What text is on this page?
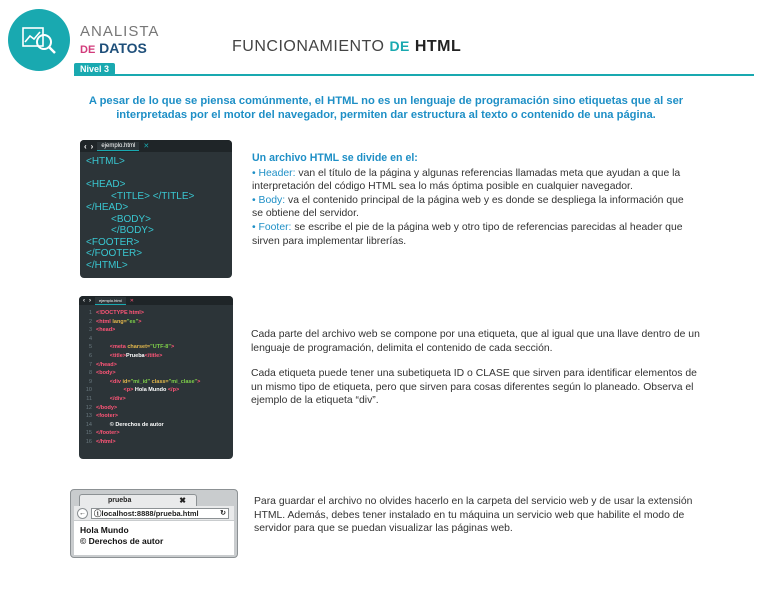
ANALISTA
DE DATOS
Nivel 3
FUNCIONAMIENTO DE HTML
A pesar de lo que se piensa comúnmente, el HTML no es un lenguaje de programación sino etiquetas que al ser interpretadas por el motor del navegador, permiten dar estructura al texto o contenido de una página.
‹ ›	ejemplo.html	✕
<HTML>

<HEAD>
<TITLE> </TITLE>
</HEAD>
<BODY>
</BODY>
<FOOTER>
</FOOTER>
</HTML>
Un archivo HTML se divide en el:
• Header: van el título de la página y algunas referencias llamadas meta que ayudan a que la interpretación del código HTML sea lo más óptima posible en cualquier navegador.
• Body: va el contenido principal de la página web y es donde se despliega la información que se obtiene del servidor.
• Footer: se escribe el pie de la página web y otro tipo de referencias parecidas al header que sirven para implementar librerías.
‹ ›	ejemplo.html	✕
1 <!DOCTYPE html>
2 <html lang= "es" >
3 <head>
4
5
	<meta charset= "UTF-8" >
6
	<title> Prueba </title>
7 </head>
8 <body>
9
	<div id= "mi_id" class= "mi_clase" >
10
	<p> Hola Mundo </p>
11
	</div>
12 </body>
13 <footer>
14 © Derechos de autor
15 </footer>
16 </html>

Cada parte del archivo web se compone por una etiqueta, que al igual que una llave dentro de un lenguaje de programación, delimita el contenido de cada sección.

Cada etiqueta puede tener una subetiqueta ID o CLASE que sirven para identificar elementos de un mismo tipo de etiqueta, pero que sirven para cosas diferentes según lo planeado. Observa el ejemplo de la etiqueta “div”.

prueba	✖
←	ⓘlocalhost:8888/prueba.html	↻
Hola Mundo
© Derechos de autor
Para guardar el archivo no olvides hacerlo en la carpeta del servicio web y de usar la extensión HTML. Además, debes tener instalado en tu máquina un servicio web que habilite el modo de servidor para que se puedan visualizar las páginas web.
